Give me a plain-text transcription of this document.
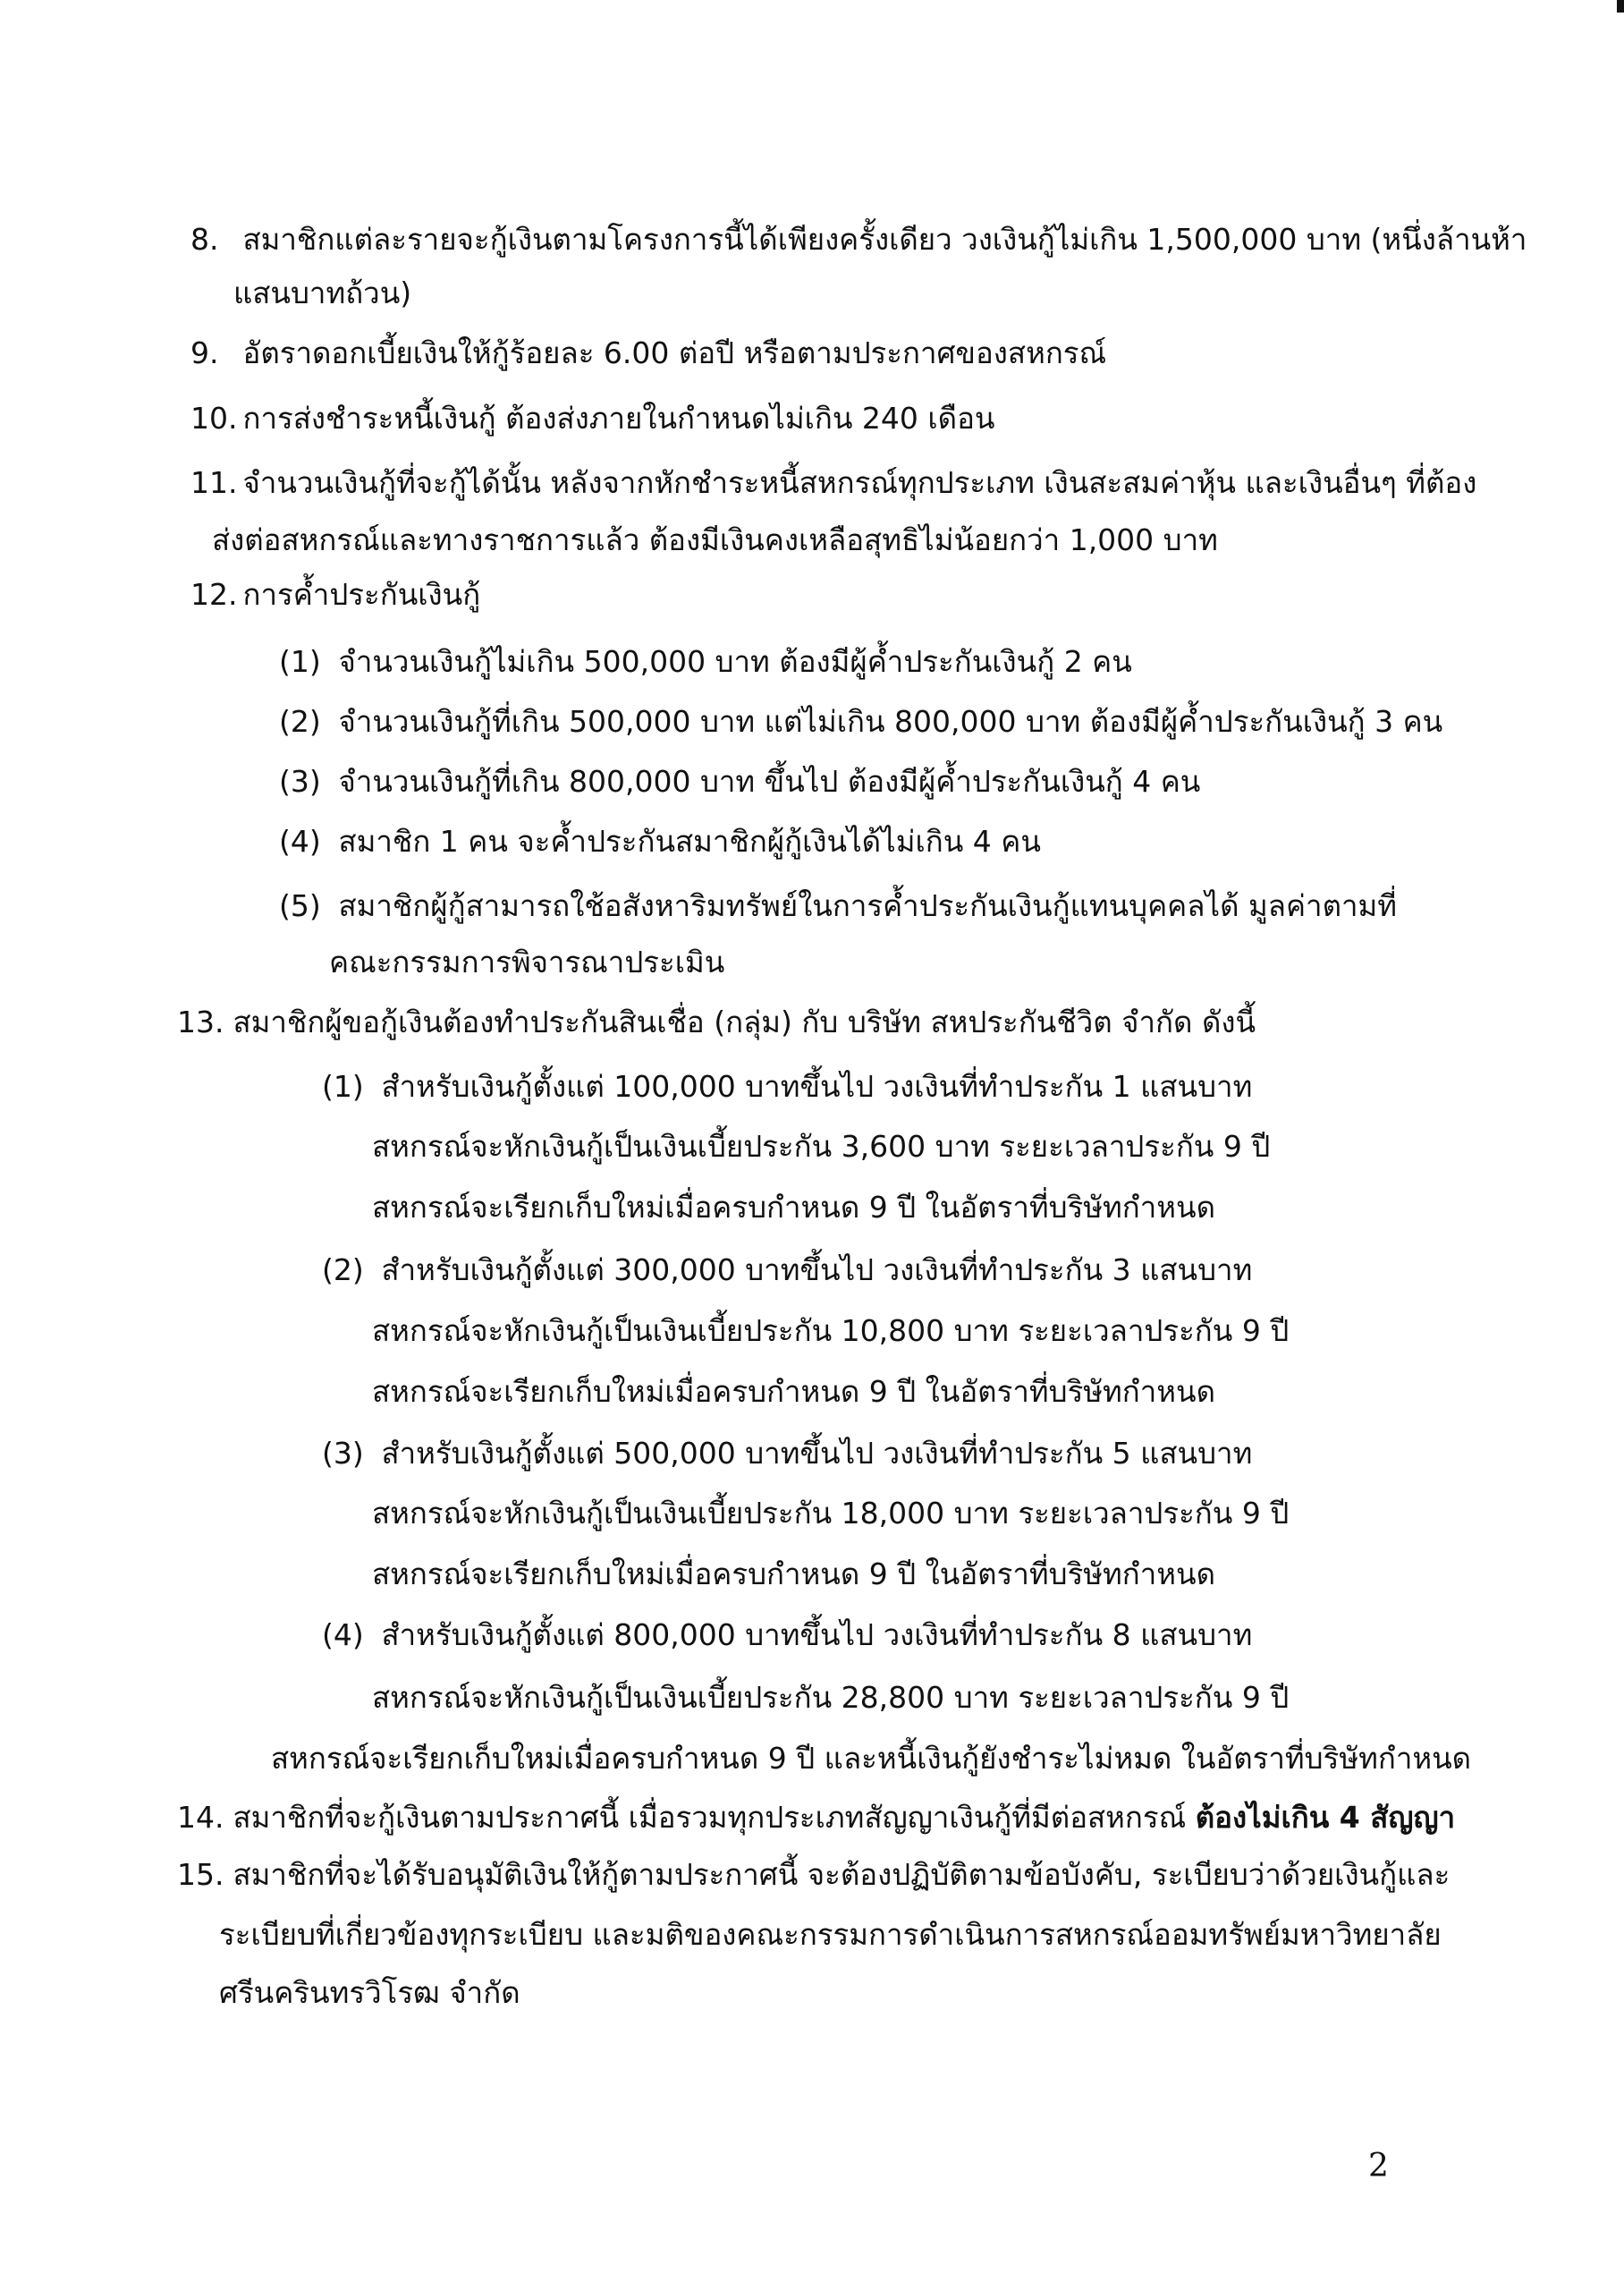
8. สมาชิกแต่ละรายจะกู้เงินตามโครงการนี้ได้เพียงครั้งเดียว วงเงินกู้ไม่เกิน 1,500,000 บาท (หนึ่งล้านห้า
แสนบาทถ้วน)
9. อัตราดอกเบี้ยเงินให้กู้ร้อยละ 6.00 ต่อปี หรือตามประกาศของสหกรณ์
10. การส่งชำระหนี้เงินกู้ ต้องส่งภายในกำหนดไม่เกิน 240 เดือน
11. จำนวนเงินกู้ที่จะกู้ได้นั้น หลังจากหักชำระหนี้สหกรณ์ทุกประเภท เงินสะสมค่าหุ้น และเงินอื่นๆ ที่ต้อง
ส่งต่อสหกรณ์และทางราชการแล้ว ต้องมีเงินคงเหลือสุทธิไม่น้อยกว่า 1,000 บาท
12. การค้ำประกันเงินกู้
(1) จำนวนเงินกู้ไม่เกิน 500,000 บาท ต้องมีผู้ค้ำประกันเงินกู้ 2 คน
(2) จำนวนเงินกู้ที่เกิน 500,000 บาท แต่ไม่เกิน 800,000 บาท ต้องมีผู้ค้ำประกันเงินกู้ 3 คน
(3) จำนวนเงินกู้ที่เกิน 800,000 บาท ขึ้นไป ต้องมีผู้ค้ำประกันเงินกู้ 4 คน
(4) สมาชิก 1 คน จะค้ำประกันสมาชิกผู้กู้เงินได้ไม่เกิน 4 คน
(5) สมาชิกผู้กู้สามารถใช้อสังหาริมทรัพย์ในการค้ำประกันเงินกู้แทนบุคคลได้ มูลค่าตามที่
คณะกรรมการพิจารณาประเมิน
13. สมาชิกผู้ขอกู้เงินต้องทำประกันสินเชื่อ (กลุ่ม) กับ บริษัท สหประกันชีวิต จำกัด ดังนี้
(1) สำหรับเงินกู้ตั้งแต่ 100,000 บาทขึ้นไป วงเงินที่ทำประกัน 1 แสนบาท
สหกรณ์จะหักเงินกู้เป็นเงินเบี้ยประกัน 3,600 บาท ระยะเวลาประกัน 9 ปี
สหกรณ์จะเรียกเก็บใหม่เมื่อครบกำหนด 9 ปี ในอัตราที่บริษัทกำหนด
(2) สำหรับเงินกู้ตั้งแต่ 300,000 บาทขึ้นไป วงเงินที่ทำประกัน 3 แสนบาท
สหกรณ์จะหักเงินกู้เป็นเงินเบี้ยประกัน 10,800 บาท ระยะเวลาประกัน 9 ปี
สหกรณ์จะเรียกเก็บใหม่เมื่อครบกำหนด 9 ปี ในอัตราที่บริษัทกำหนด
(3) สำหรับเงินกู้ตั้งแต่ 500,000 บาทขึ้นไป วงเงินที่ทำประกัน 5 แสนบาท
สหกรณ์จะหักเงินกู้เป็นเงินเบี้ยประกัน 18,000 บาท ระยะเวลาประกัน 9 ปี
สหกรณ์จะเรียกเก็บใหม่เมื่อครบกำหนด 9 ปี ในอัตราที่บริษัทกำหนด
(4) สำหรับเงินกู้ตั้งแต่ 800,000 บาทขึ้นไป วงเงินที่ทำประกัน 8 แสนบาท
สหกรณ์จะหักเงินกู้เป็นเงินเบี้ยประกัน 28,800 บาท ระยะเวลาประกัน 9 ปี
สหกรณ์จะเรียกเก็บใหม่เมื่อครบกำหนด 9 ปี และหนี้เงินกู้ยังชำระไม่หมด ในอัตราที่บริษัทกำหนด
14. สมาชิกที่จะกู้เงินตามประกาศนี้ เมื่อรวมทุกประเภทสัญญาเงินกู้ที่มีต่อสหกรณ์ ต้องไม่เกิน 4 สัญญา
15. สมาชิกที่จะได้รับอนุมัติเงินให้กู้ตามประกาศนี้ จะต้องปฏิบัติตามข้อบังคับ, ระเบียบว่าด้วยเงินกู้และ
ระเบียบที่เกี่ยวข้องทุกระเบียบ และมติของคณะกรรมการดำเนินการสหกรณ์ออมทรัพย์มหาวิทยาลัย
ศรีนครินทรวิโรฒ จำกัด
2
